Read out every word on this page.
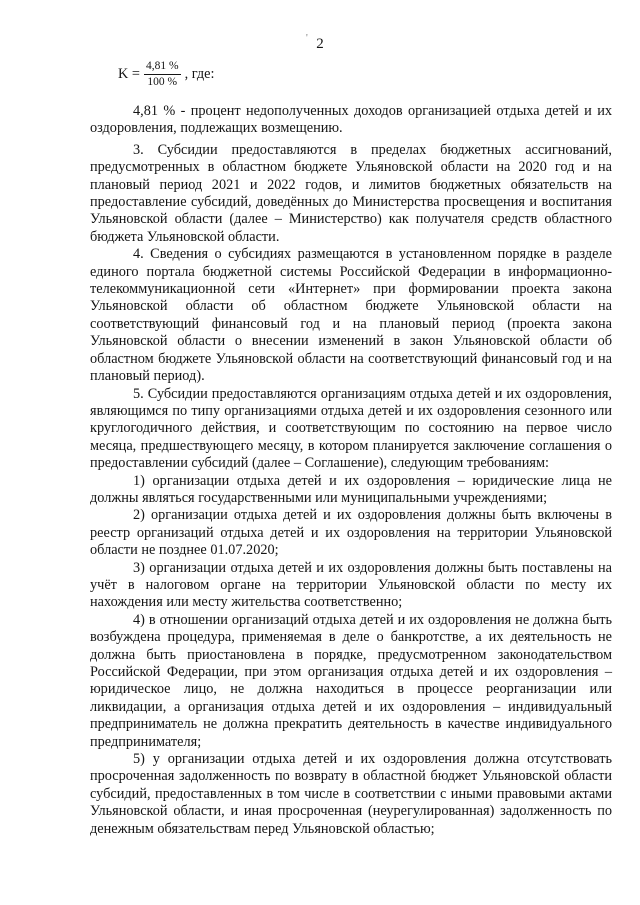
' 2
$K = \frac{4,81 \%}{100 \%}$ , где:

4,81 % - процент недополученных доходов организацией отдыха детей и их оздоровления, подлежащих возмещению.

3. Субсидии предоставляются в пределах бюджетных ассигнований, предусмотренных в областном бюджете Ульяновской области на 2020 год и на плановый период 2021 и 2022 годов, и лимитов бюджетных обязательств на предоставление субсидий, доведённых до Министерства просвещения и воспитания Ульяновской области (далее – Министерство) как получателя средств областного бюджета Ульяновской области.

4. Сведения о субсидиях размещаются в установленном порядке в разделе единого портала бюджетной системы Российской Федерации в информационно-телекоммуникационной сети «Интернет» при формировании проекта закона Ульяновской области об областном бюджете Ульяновской области на соответствующий финансовый год и на плановый период (проекта закона Ульяновской области о внесении изменений в закон Ульяновской области об областном бюджете Ульяновской области на соответствующий финансовый год и на плановый период).

5. Субсидии предоставляются организациям отдыха детей и их оздоровления, являющимся по типу организациями отдыха детей и их оздоровления сезонного или круглогодичного действия, и соответствующим по состоянию на первое число месяца, предшествующего месяцу, в котором планируется заключение соглашения о предоставлении субсидий (далее – Соглашение), следующим требованиям:

1) организации отдыха детей и их оздоровления – юридические лица не должны являться государственными или муниципальными учреждениями;

2) организации отдыха детей и их оздоровления должны быть включены в реестр организаций отдыха детей и их оздоровления на территории Ульяновской области не позднее 01.07.2020;

3) организации отдыха детей и их оздоровления должны быть поставлены на учёт в налоговом органе на территории Ульяновской области по месту их нахождения или месту жительства соответственно;

4) в отношении организаций отдыха детей и их оздоровления не должна быть возбуждена процедура, применяемая в деле о банкротстве, а их деятельность не должна быть приостановлена в порядке, предусмотренном законодательством Российской Федерации, при этом организация отдыха детей и их оздоровления – юридическое лицо, не должна находиться в процессе реорганизации или ликвидации, а организация отдыха детей и их оздоровления – индивидуальный предприниматель не должна прекратить деятельность в качестве индивидуального предпринимателя;

5) у организации отдыха детей и их оздоровления должна отсутствовать просроченная задолженность по возврату в областной бюджет Ульяновской области субсидий, предоставленных в том числе в соответствии с иными правовыми актами Ульяновской области, и иная просроченная (неурегулированная) задолженность по денежным обязательствам перед Ульяновской областью;
